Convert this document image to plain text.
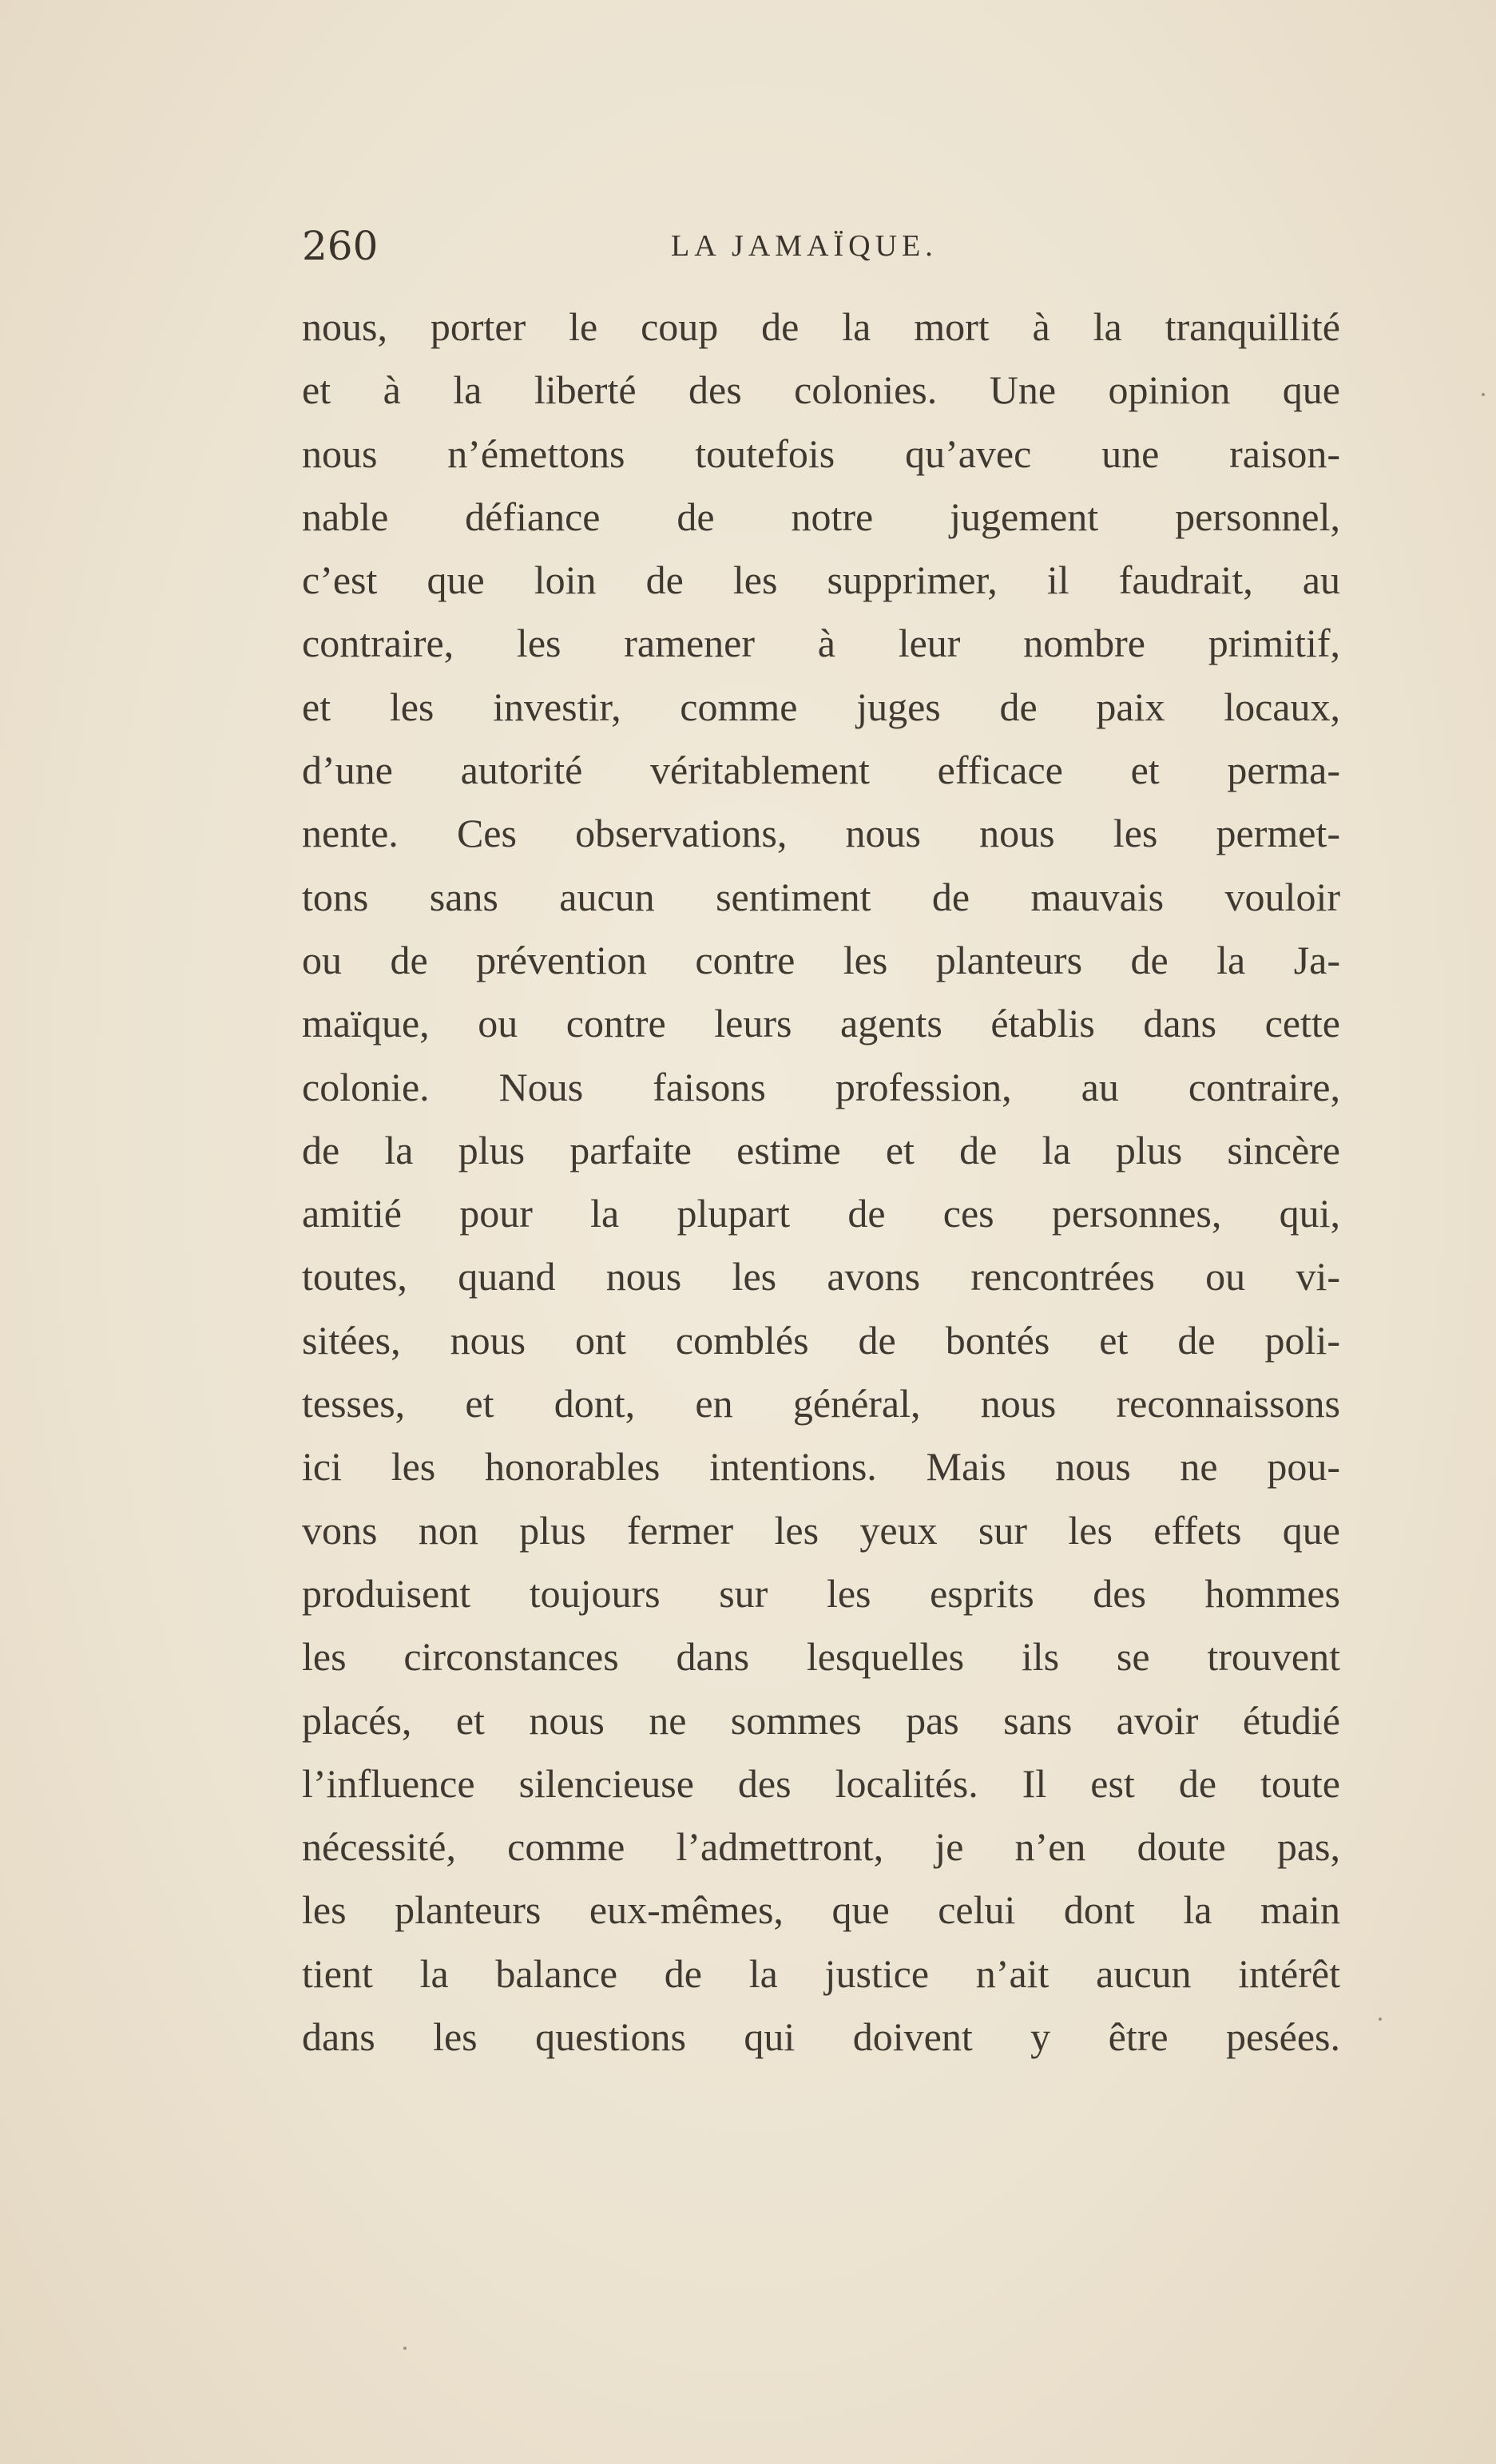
260	LA JAMAÏQUE.
nous, porter le coup de la mort à la tranquillité
et à la liberté des colonies. Une opinion que
nous n’émettons toutefois qu’avec une raison-
nable défiance de notre jugement personnel,
c’est que loin de les supprimer, il faudrait, au
contraire, les ramener à leur nombre primitif,
et les investir, comme juges de paix locaux,
d’une autorité véritablement efficace et perma-
nente. Ces observations, nous nous les permet-
tons sans aucun sentiment de mauvais vouloir
ou de prévention contre les planteurs de la Ja-
maïque, ou contre leurs agents établis dans cette
colonie. Nous faisons profession, au contraire,
de la plus parfaite estime et de la plus sincère
amitié pour la plupart de ces personnes, qui,
toutes, quand nous les avons rencontrées ou vi-
sitées, nous ont comblés de bontés et de poli-
tesses, et dont, en général, nous reconnaissons
ici les honorables intentions. Mais nous ne pou-
vons non plus fermer les yeux sur les effets que
produisent toujours sur les esprits des hommes
les circonstances dans lesquelles ils se trouvent
placés, et nous ne sommes pas sans avoir étudié
l’influence silencieuse des localités. Il est de toute
nécessité, comme l’admettront, je n’en doute pas,
les planteurs eux-mêmes, que celui dont la main
tient la balance de la justice n’ait aucun intérêt
dans les questions qui doivent y être pesées.
